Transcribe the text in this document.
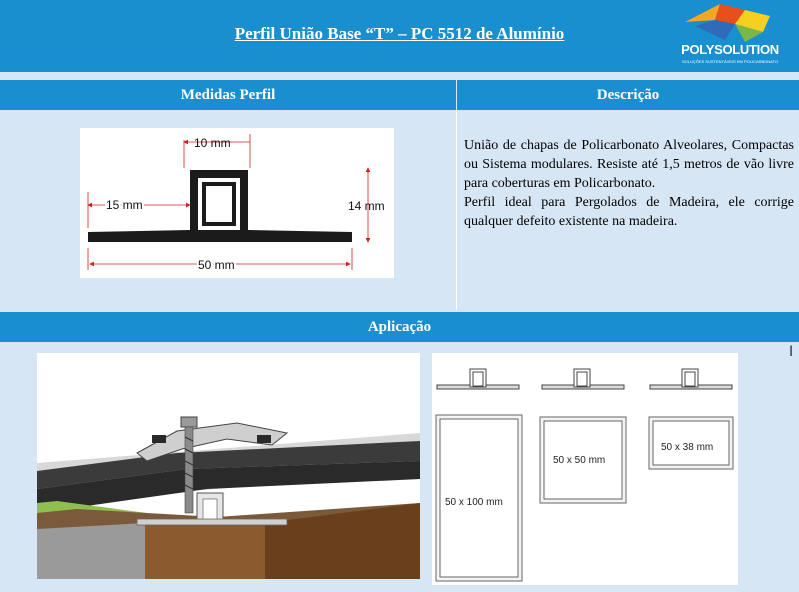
Perfil União Base “T” – PC 5512 de Alumínio
POLYSOLUTION
SOLUÇÕES SUSTENTÁVEIS EM POLICARBONATO
Medidas Perfil	Descrição
10 mm
15 mm	14 mm
50 mm

União de chapas de Policarbonato Alveolares, Compactas ou Sistema modulares. Resiste até 1,5 metros de vão livre para coberturas em Policarbonato.

Perfil ideal para Pergolados de Madeira, ele corrige qualquer defeito existente na madeira.

Aplicação
I
50 x 100 mm
50 x 50 mm
50 x 38 mm
